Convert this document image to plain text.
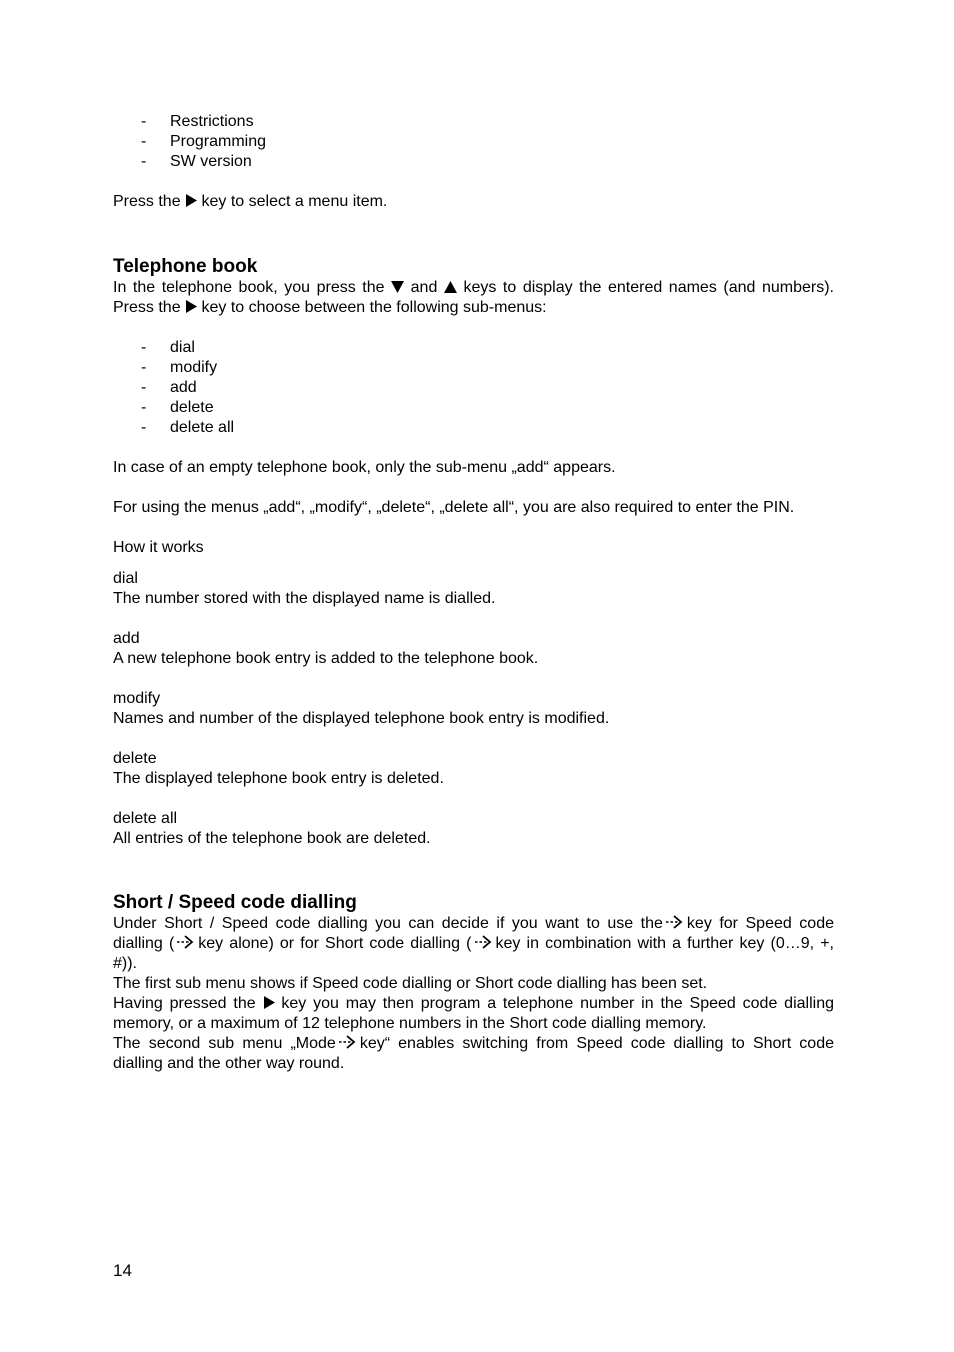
- Restrictions
- Programming
- SW version
Press the key to select a menu item.
Telephone book
In the telephone book, you press the and keys to display the entered names (and numbers). Press the key to choose between the following sub-menus:
- dial
- modify
- add
- delete
- delete all
In case of an empty telephone book, only the sub-menu „add“ appears.
For using the menus „add“, „modify“, „delete“, „delete all“, you are also required to enter the PIN.
How it works
dial
The number stored with the displayed name is dialled.
add
A new telephone book entry is added to the telephone book.
modify
Names and number of the displayed telephone book entry is modified.
delete
The displayed telephone book entry is deleted.
delete all
All entries of the telephone book are deleted.
Short / Speed code dialling
Under Short / Speed code dialling you can decide if you want to use the key for Speed code dialling ( key alone) or for Short code dialling ( key in combination with a further key (0…9, +, #)).
The first sub menu shows if Speed code dialling or Short code dialling has been set.
Having pressed the key you may then program a telephone number in the Speed code dialling memory, or a maximum of 12 telephone numbers in the Short code dialling memory.
The second sub menu „Mode key“ enables switching from Speed code dialling to Short code dialling and the other way round.
14
